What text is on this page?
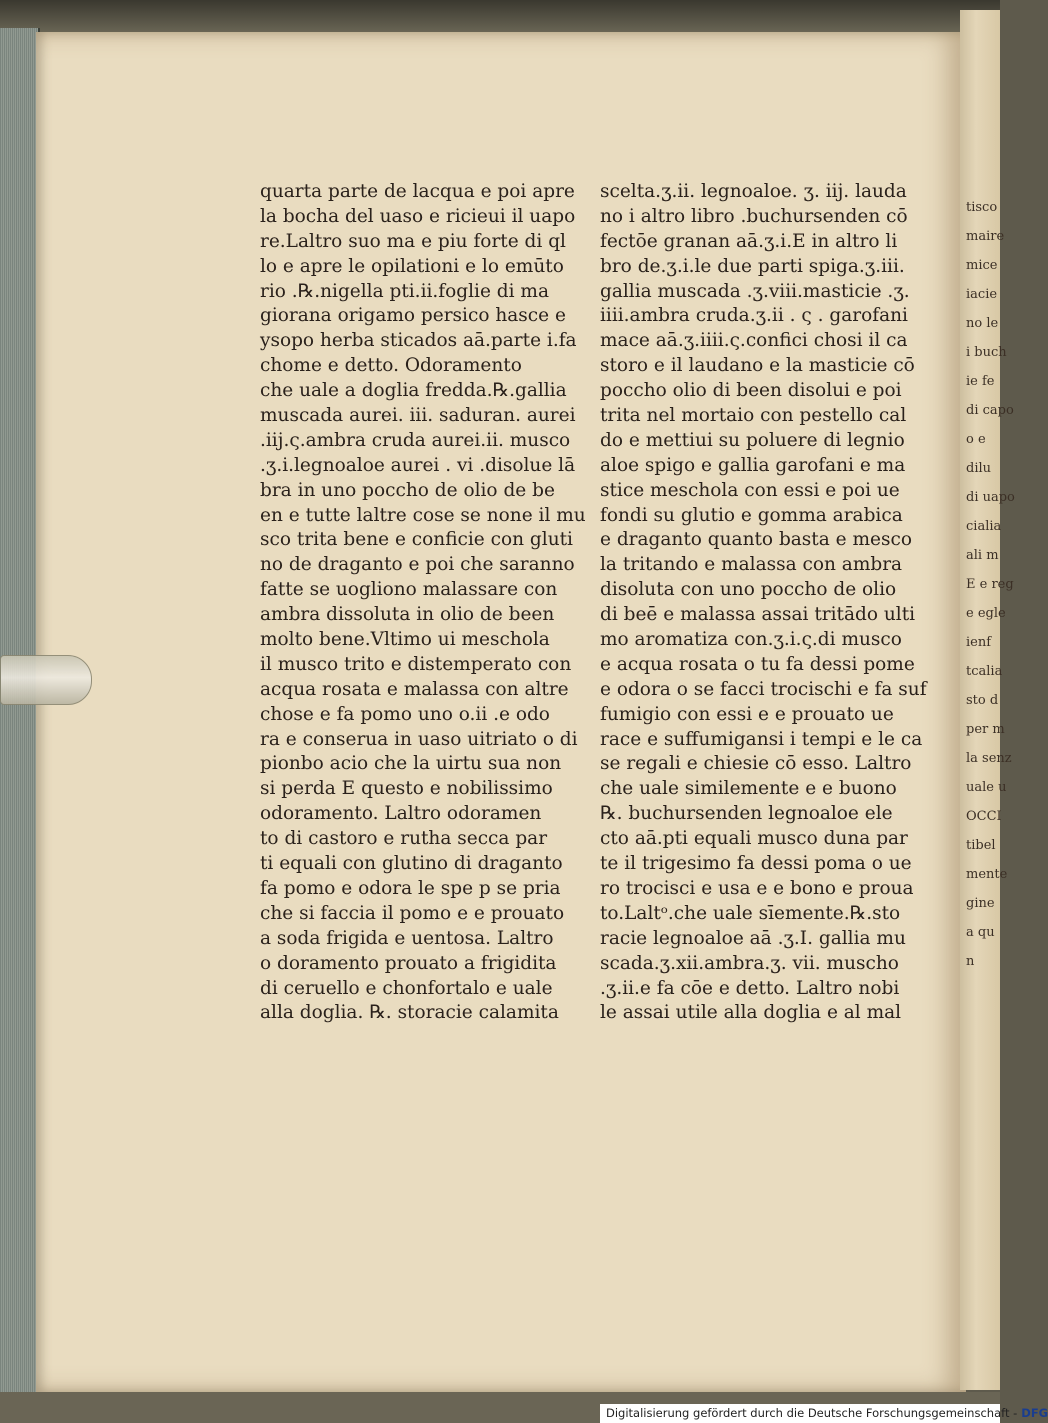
tisco
maire
mice
iacie
no le
i buch
ie fe
di capo
o e
dilu
di uapo
cialia
ali m
E e reg
e egle
ienf
tcalia
sto d
per m
la senz
uale u
OCCI
tibel
mente
gine
a qu
n
quarta parte de lacqua e poi apre
la bocha del uaso e ricieui il uapo
re.Laltro suo ma e piu forte di ql
lo e apre le opilationi e lo emūto
rio .℞.nigella pti.ii.foglie di ma
giorana origamo persico hasce e
ysopo herba sticados aā.parte i.fa
chome e detto. Odoramento
che uale a doglia fredda.℞.gallia
muscada aurei. iii. saduran. aurei
.iij.ς.ambra cruda aurei.ii. musco
.ʒ.i.legnoaloe aurei . vi .disolue lā
bra in uno poccho de olio de be
en e tutte laltre cose se none il mu
sco trita bene e conficie con gluti
no de draganto e poi che saranno
fatte se uogliono malassare con
ambra dissoluta in olio de been
molto bene.Vltimo ui meschola
il musco trito e distemperato con
acqua rosata e malassa con altre
chose e fa pomo uno o.ii .e odo
ra e conserua in uaso uitriato o di
pionbo acio che la uirtu sua non
si perda E questo e nobilissimo
odoramento. Laltro odoramen
to di castoro e rutha secca par
ti equali con glutino di draganto
fa pomo e odora le spe p se pria
che si faccia il pomo e e prouato
a soda frigida e uentosa. Laltro
o doramento prouato a frigidita
di ceruello e chonfortalo e uale
alla doglia. ℞. storacie calamita
scelta.ʒ.ii. legnoaloe. ʒ. iij. lauda
no i altro libro .buchursenden cō
fectōe granan aā.ʒ.i.E in altro li
bro de.ʒ.i.le due parti spiga.ʒ.iii.
gallia muscada .ʒ.viii.masticie .ʒ.
iiii.ambra cruda.ʒ.ii . ς . garofani
mace aā.ʒ.iiii.ς.confici chosi il ca
storo e il laudano e la masticie cō
poccho olio di been disolui e poi
trita nel mortaio con pestello cal
do e mettiui su poluere di legnio
aloe spigo e gallia garofani e ma
stice meschola con essi e poi ue
fondi su glutio e gomma arabica
e draganto quanto basta e mesco
la tritando e malassa con ambra
disoluta con uno poccho de olio
di beē e malassa assai tritādo ulti
mo aromatiza con.ʒ.i.ς.di musco
e acqua rosata o tu fa dessi pome
e odora o se facci trocischi e fa suf
fumigio con essi e e prouato ue
race e suffumigansi i tempi e le ca
se regali e chiesie cō esso. Laltro
che uale similemente e e buono
℞. buchursenden legnoaloe ele
cto aā.pti equali musco duna par
te il trigesimo fa dessi poma o ue
ro trocisci e usa e e bono e proua
to.Laltᵒ.che uale sīemente.℞.sto
racie legnoaloe aā .ʒ.I. gallia mu
scada.ʒ.xii.ambra.ʒ. vii. muscho
.ʒ.ii.e fa cōe e detto. Laltro nobi
le assai utile alla doglia e al mal
Digitalisierung gefördert durch die Deutsche Forschungsgemeinschaft - DFG
